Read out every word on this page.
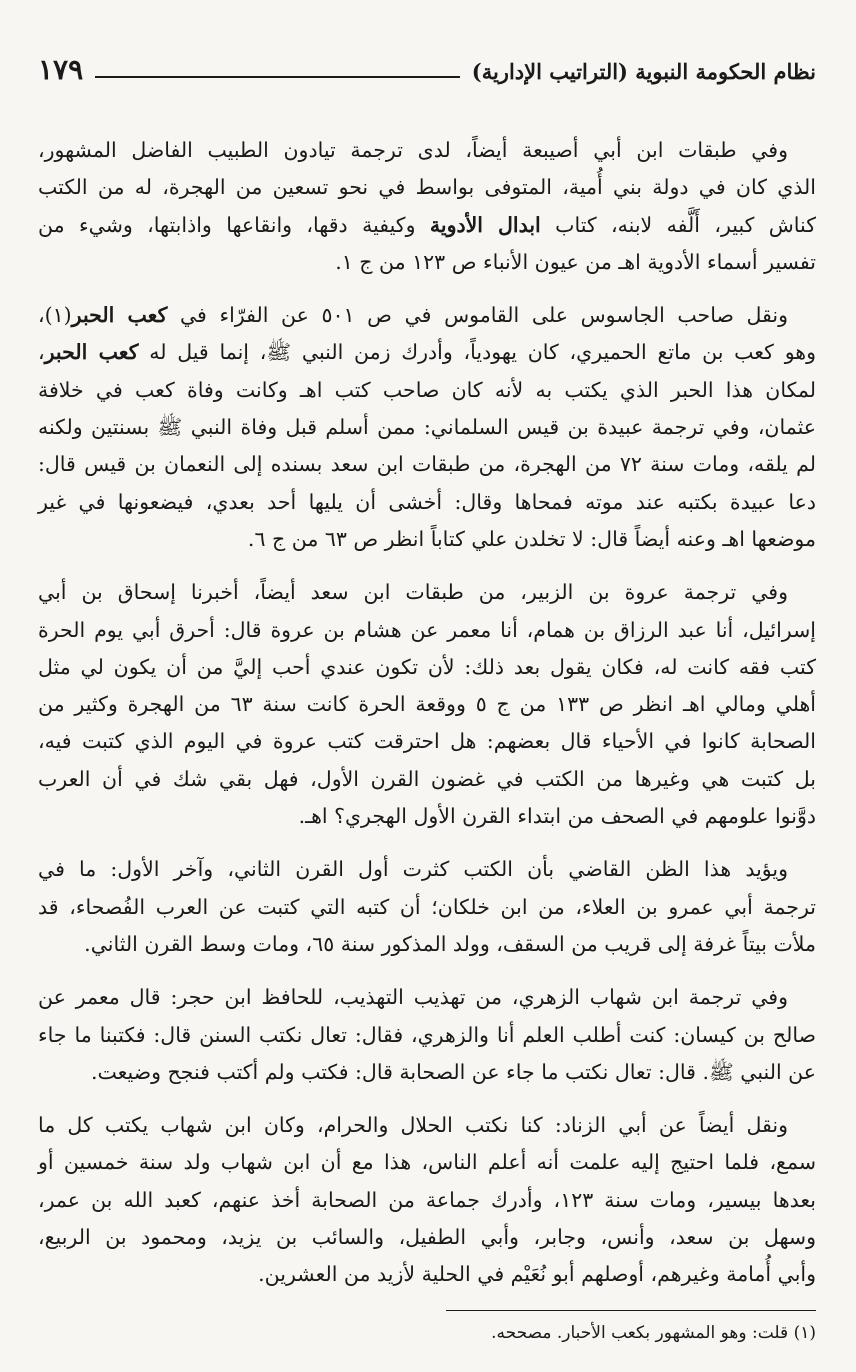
نظام الحكومة النبوية (التراتيب الإدارية)
١٧٩
وفي طبقات ابن أبي أصيبعة أيضاً، لدى ترجمة تيادون الطبيب الفاضل المشهور،
الذي كان في دولة بني أُمية، المتوفى بواسط في نحو تسعين من الهجرة، له من الكتب
كناش كبير، أَلَّفه لابنه، كتاب ابدال الأدوية وكيفية دقها، وانقاعها واذابتها، وشيء من
تفسير أسماء الأدوية اهـ من عيون الأنباء ص ١٢٣ من ج ١.
ونقل صاحب الجاسوس على القاموس في ص ٥٠١ عن الفرّاء في كعب الحبر(١)،
وهو كعب بن ماتع الحميري، كان يهودياً، وأدرك زمن النبي ﷺ، إنما قيل له كعب الحبر،
لمكان هذا الحبر الذي يكتب به لأنه كان صاحب كتب اهـ وكانت وفاة كعب في خلافة
عثمان، وفي ترجمة عبيدة بن قيس السلماني: ممن أسلم قبل وفاة النبي ﷺ بسنتين ولكنه
لم يلقه، ومات سنة ٧٢ من الهجرة، من طبقات ابن سعد بسنده إلى النعمان بن قيس قال:
دعا عبيدة بكتبه عند موته فمحاها وقال: أخشى أن يليها أحد بعدي، فيضعونها في غير
موضعها اهـ وعنه أيضاً قال: لا تخلدن علي كتاباً انظر ص ٦٣ من ج ٦.
وفي ترجمة عروة بن الزبير، من طبقات ابن سعد أيضاً، أخبرنا إسحاق بن أبي
إسرائيل، أنا عبد الرزاق بن همام، أنا معمر عن هشام بن عروة قال: أحرق أبي يوم الحرة
كتب فقه كانت له، فكان يقول بعد ذلك: لأن تكون عندي أحب إليَّ من أن يكون لي مثل
أهلي ومالي اهـ انظر ص ١٣٣ من ج ٥ ووقعة الحرة كانت سنة ٦٣ من الهجرة وكثير من
الصحابة كانوا في الأحياء قال بعضهم: هل احترقت كتب عروة في اليوم الذي كتبت فيه،
بل كتبت هي وغيرها من الكتب في غضون القرن الأول، فهل بقي شك في أن العرب
دوَّنوا علومهم في الصحف من ابتداء القرن الأول الهجري؟ اهـ.
ويؤيد هذا الظن القاضي بأن الكتب كثرت أول القرن الثاني، وآخر الأول: ما في
ترجمة أبي عمرو بن العلاء، من ابن خلكان؛ أن كتبه التي كتبت عن العرب الفُصحاء، قد
ملأت بيتاً غرفة إلى قريب من السقف، وولد المذكور سنة ٦٥، ومات وسط القرن الثاني.
وفي ترجمة ابن شهاب الزهري، من تهذيب التهذيب، للحافظ ابن حجر: قال معمر عن
صالح بن كيسان: كنت أطلب العلم أنا والزهري، فقال: تعال نكتب السنن قال: فكتبنا ما جاء
عن النبي ﷺ. قال: تعال نكتب ما جاء عن الصحابة قال: فكتب ولم أكتب فنجح وضيعت.
ونقل أيضاً عن أبي الزناد: كنا نكتب الحلال والحرام، وكان ابن شهاب يكتب كل ما
سمع، فلما احتيج إليه علمت أنه أعلم الناس، هذا مع أن ابن شهاب ولد سنة خمسين أو
بعدها بيسير، ومات سنة ١٢٣، وأدرك جماعة من الصحابة أخذ عنهم، كعبد الله بن عمر،
وسهل بن سعد، وأنس، وجابر، وأبي الطفيل، والسائب بن يزيد، ومحمود بن الربيع،
وأبي أُمامة وغيرهم، أوصلهم أبو نُعَيْم في الحلية لأزيد من العشرين.
(١) قلت: وهو المشهور بكعب الأحبار. مصححه.
